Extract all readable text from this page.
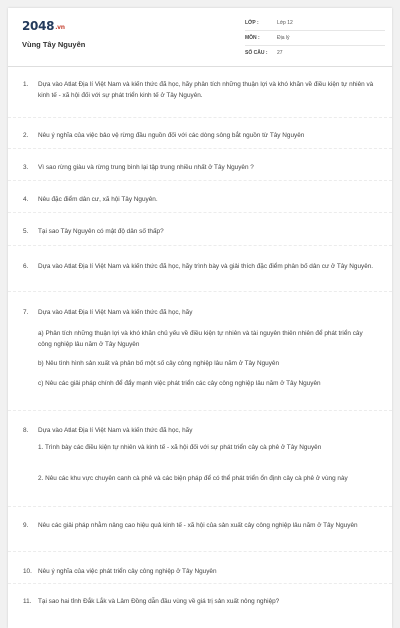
2048.vn
Vùng Tây Nguyên
LỚP :	Lớp 12
MÔN :	Địa lý
SỐ CÂU :	27
1. Dựa vào Atlat Địa lí Việt Nam và kiến thức đã học, hãy phân tích những thuận lợi và khó khăn về điều kiện tự nhiên và kinh tế - xã hội đối với sự phát triển kinh tế ở Tây Nguyên.
2. Nêu ý nghĩa của việc bảo vệ rừng đầu nguồn đối với các dòng sông bắt nguồn từ Tây Nguyên
3. Vì sao rừng giàu và rừng trung bình lại tập trung nhiều nhất ở Tây Nguyên ?
4. Nêu đặc điểm dân cư, xã hội Tây Nguyên.
5. Tại sao Tây Nguyên có mật độ dân số thấp?
6. Dựa vào Atlat Địa lí Việt Nam và kiến thức đã học, hãy trình bày và giải thích đặc điểm phân bố dân cư ở Tây Nguyên.
7. Dựa vào Atlat Địa lí Việt Nam và kiến thức đã học, hãy
a) Phân tích những thuận lợi và khó khăn chủ yếu về điều kiện tự nhiên và tài nguyên thiên nhiên để phát triển cây công nghiệp lâu năm ở Tây Nguyên
b) Nêu tình hình sản xuất và phân bố một số cây công nghiệp lâu năm ở Tây Nguyên
c) Nêu các giải pháp chính để đẩy mạnh việc phát triển các cây công nghiệp lâu năm ở Tây Nguyên
8. Dựa vào Atlat Địa lí Việt Nam và kiến thức đã học, hãy
1. Trình bày các điều kiện tự nhiên và kinh tế - xã hội đối với sự phát triển cây cà phê ở Tây Nguyên
2. Nêu các khu vực chuyên canh cà phê và các biện pháp để có thể phát triển ổn định cây cà phê ở vùng này
9. Nêu các giải pháp nhằm nâng cao hiệu quả kinh tế - xã hội của sản xuất cây công nghiệp lâu năm ở Tây Nguyên
10. Nêu ý nghĩa của việc phát triển cây công nghiệp ở Tây Nguyên
11. Tại sao hai tỉnh Đắk Lắk và Lâm Đồng dẫn đầu vùng về giá trị sản xuất nông nghiệp?
